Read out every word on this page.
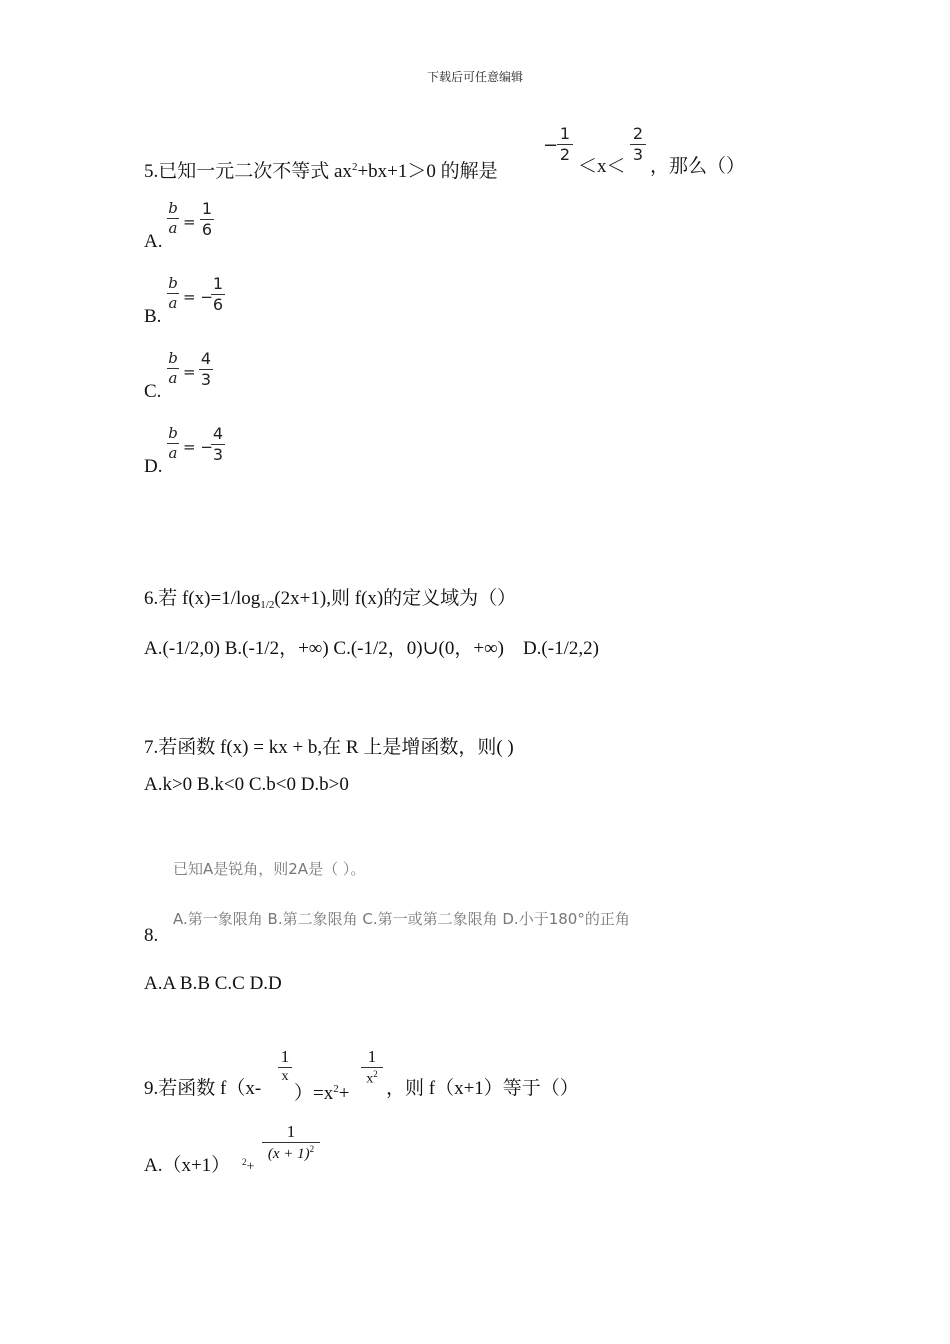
下载后可任意编辑
5.已知一元二次不等式 $ax^2+bx+1>0$ 的解是
−
1
2
＜x＜
2
3
，那么（）
A.
b
a =
1
6
B.
b
a = −
1
6
C.
b
a =
4
3
D.
b
a = −
4
3
6.若 $f(x)=1/\log_{1/2}(2x+1)$,则 f(x)的定义域为（）
A.(-1/2,0) B.(-1/2，+∞) C.(-1/2，0)∪(0，+∞)　D.(-1/2,2)
7.若函数 f(x) = kx + b,在 R 上是增函数，则( )
A.k>0 B.k<0 C.b<0 D.b>0
已知A是锐角，则2A是（ ）。
A.第一象限角 B.第二象限角 C.第一或第二象限角 D.小于180°的正角
8.
A.A B.B C.C D.D
9.若函数 f（x-
1
x
）$=x^2+$
1
$x^2$
，则 f（x+1）等于（）
A.（x+1） $^2$+
1
$(x + 1)^2$
